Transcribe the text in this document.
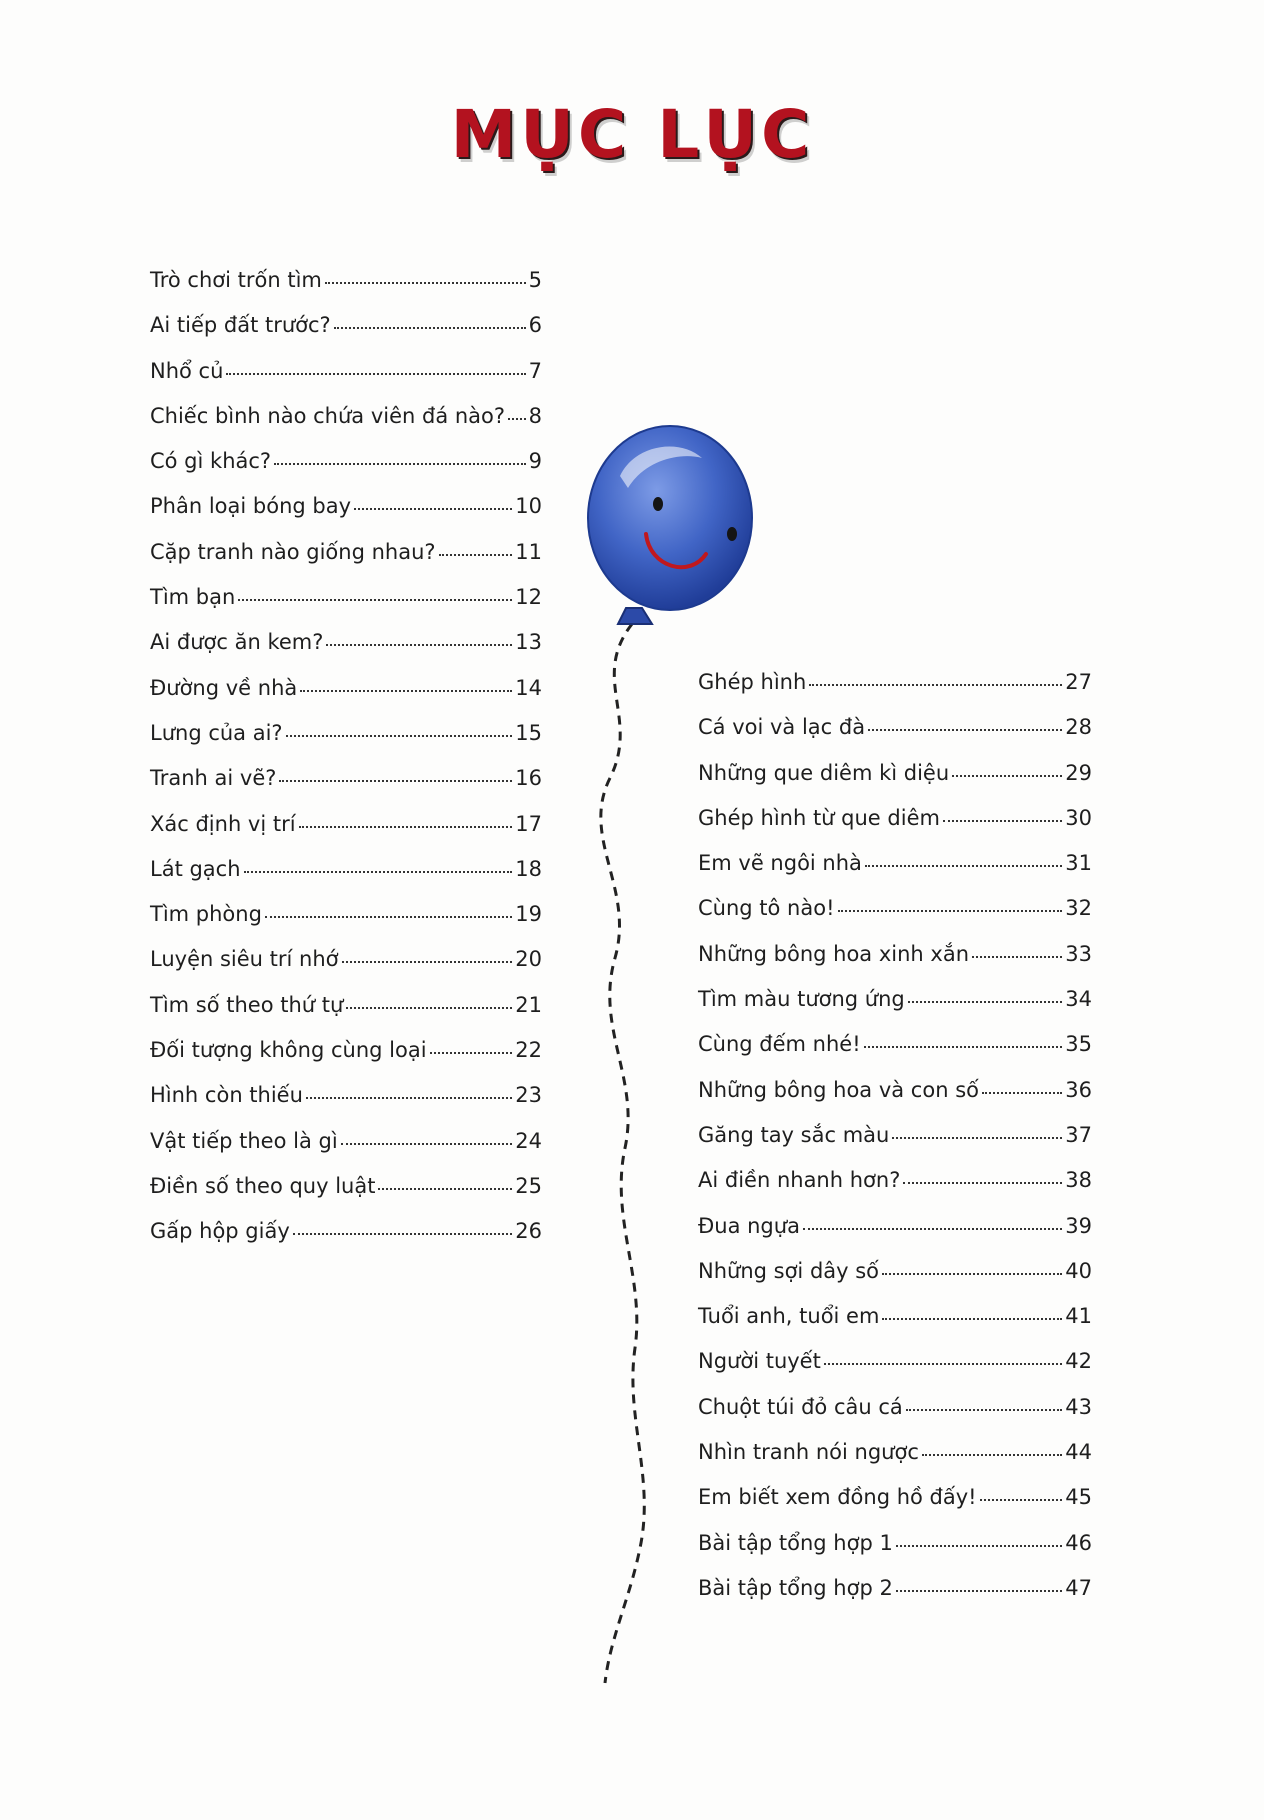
MỤC LỤC
Trò chơi trốn tìm	5
Ai tiếp đất trước?	6
Nhổ củ	7
Chiếc bình nào chứa viên đá nào? 8
Có gì khác?	9
Phân loại bóng bay	10
Cặp tranh nào giống nhau?	11
Tìm bạn	12
Ai được ăn kem?	13
Đường về nhà	14
Lưng của ai?	15
Tranh ai vẽ?	16
Xác định vị trí	17
Lát gạch	18
Tìm phòng	19
Luyện siêu trí nhớ	20
Tìm số theo thứ tự	21
Đối tượng không cùng loại	22
Hình còn thiếu	23
Vật tiếp theo là gì	24
Điền số theo quy luật	25
Gấp hộp giấy	26
Ghép hình	27
Cá voi và lạc đà	28
Những que diêm kì diệu	29
Ghép hình từ que diêm	30
Em vẽ ngôi nhà	31
Cùng tô nào!	32
Những bông hoa xinh xắn	33
Tìm màu tương ứng	34
Cùng đếm nhé!	35
Những bông hoa và con số	36
Găng tay sắc màu	37
Ai điền nhanh hơn?	38
Đua ngựa	39
Những sợi dây số	40
Tuổi anh, tuổi em	41
Người tuyết	42
Chuột túi đỏ câu cá	43
Nhìn tranh nói ngược	44
Em biết xem đồng hồ đấy!	45
Bài tập tổng hợp 1	46
Bài tập tổng hợp 2	47
